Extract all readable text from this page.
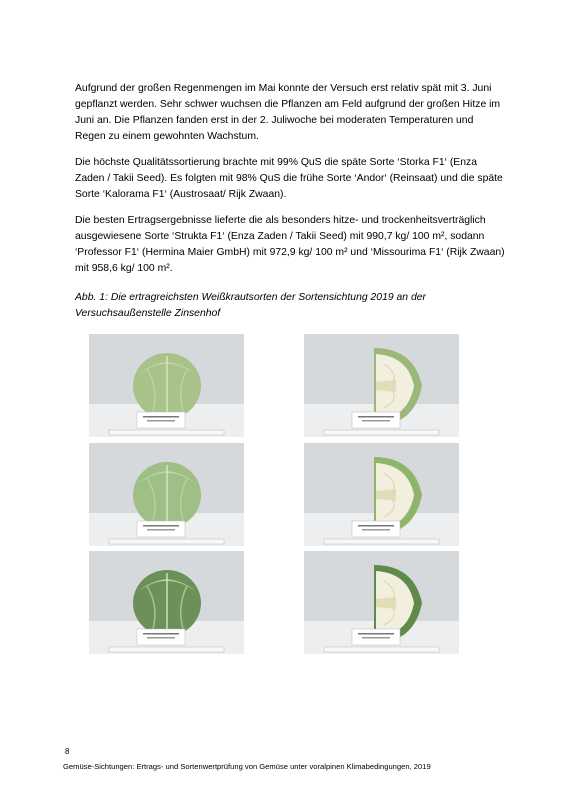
Aufgrund der großen Regenmengen im Mai konnte der Versuch erst relativ spät mit 3. Juni gepflanzt werden. Sehr schwer wuchsen die Pflanzen am Feld aufgrund der großen Hitze im Juni an. Die Pflanzen fanden erst in der 2. Juliwoche bei moderaten Temperaturen und Regen zu einem gewohnten Wachstum.

Die höchste Qualitätssortierung brachte mit 99% QuS die späte Sorte ‘Storka F1‘ (Enza Zaden / Takii Seed). Es folgten mit 98% QuS die frühe Sorte ‘Andor‘ (Reinsaat) und die späte Sorte ‘Kalorama F1‘ (Austrosaat/ Rijk Zwaan).

Die besten Ertragsergebnisse lieferte die als besonders hitze- und trockenheitsverträglich ausgewiesene Sorte ‘Strukta F1‘ (Enza Zaden / Takii Seed) mit 990,7 kg/ 100 m², sodann ‘Professor F1‘ (Hermina Maier GmbH) mit 972,9 kg/ 100 m² und ‘Missourima F1‘ (Rijk Zwaan) mit 958,6 kg/ 100 m².

Abb. 1: Die ertragreichsten Weißkrautsorten der Sortensichtung 2019 an der Versuchsaußenstelle Zinsenhof

8
Gemüse-Sichtungen: Ertrags- und Sortenwertprüfung von Gemüse unter voralpinen Klimabedingungen, 2019
